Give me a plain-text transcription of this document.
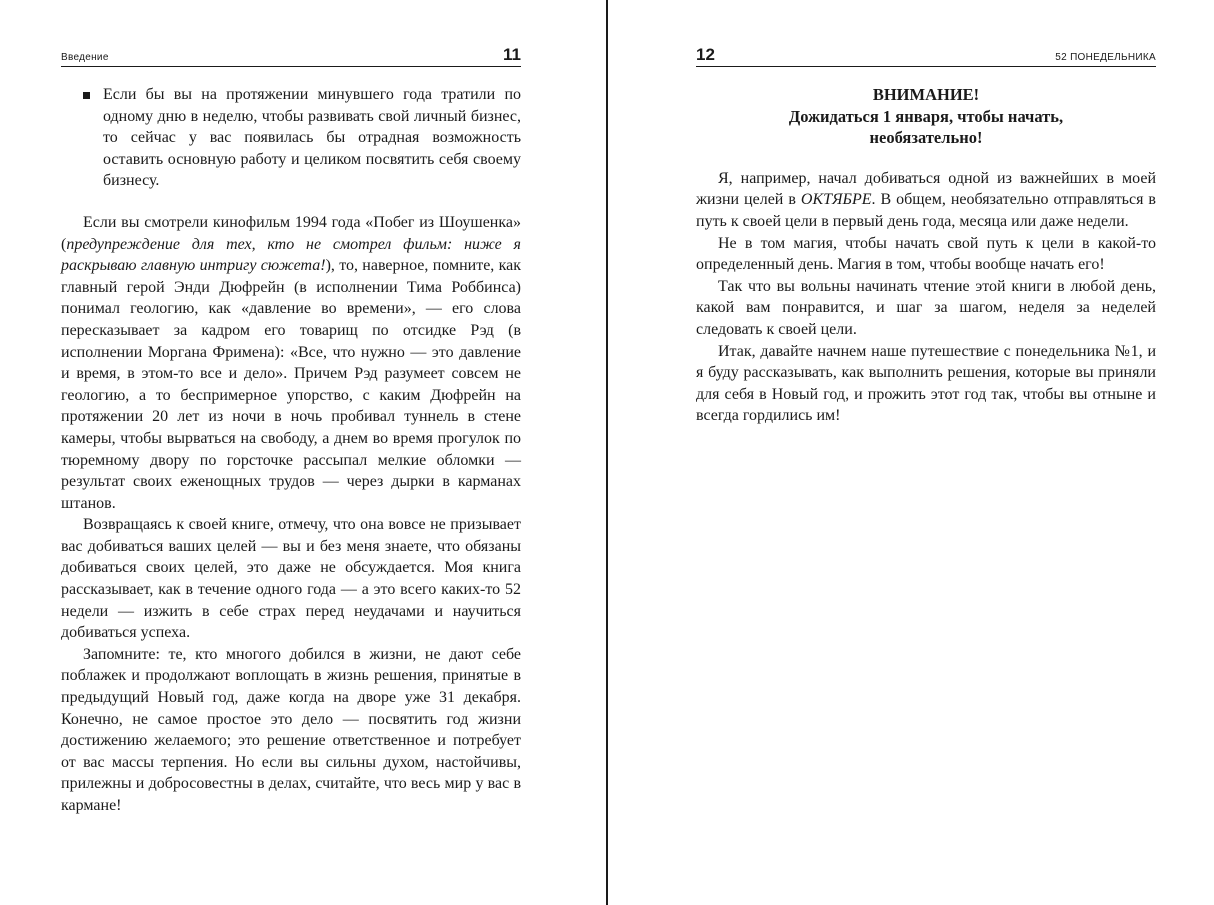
Введение	11
Если бы вы на протяжении минувшего года тратили по одному дню в неделю, чтобы развивать свой личный бизнес, то сейчас у вас появилась бы отрадная возможность оставить основную работу и целиком посвятить себя своему бизнесу.

Если вы смотрели кинофильм 1994 года «Побег из Шоушенка» (предупреждение для тех, кто не смотрел фильм: ниже я раскрываю главную интригу сюжета!), то, наверное, помните, как главный герой Энди Дюфрейн (в исполнении Тима Роббинса) понимал геологию, как «давление во времени», — его слова пересказывает за кадром его товарищ по отсидке Рэд (в исполнении Моргана Фримена): «Все, что нужно — это давление и время, в этом-то все и дело». Причем Рэд разумеет совсем не геологию, а то беспримерное упорство, с каким Дюфрейн на протяжении 20 лет из ночи в ночь пробивал туннель в стене камеры, чтобы вырваться на свободу, а днем во время прогулок по тюремному двору по горсточке рассыпал мелкие обломки — результат своих еженощных трудов — через дырки в карманах штанов.

Возвращаясь к своей книге, отмечу, что она вовсе не призывает вас добиваться ваших целей — вы и без меня знаете, что обязаны добиваться своих целей, это даже не обсуждается. Моя книга рассказывает, как в течение одного года — а это всего каких-то 52 недели — изжить в себе страх перед неудачами и научиться добиваться успеха.

Запомните: те, кто многого добился в жизни, не дают себе поблажек и продолжают воплощать в жизнь решения, принятые в предыдущий Новый год, даже когда на дворе уже 31 декабря. Конечно, не самое простое это дело — посвятить год жизни достижению желаемого; это решение ответственное и потребует от вас массы терпения. Но если вы сильны духом, настойчивы, прилежны и добросовестны в делах, считайте, что весь мир у вас в кармане!

12	52 ПОНЕДЕЛЬНИКА
ВНИМАНИЕ!
Дожидаться 1 января, чтобы начать,
необязательно!

Я, например, начал добиваться одной из важнейших в моей жизни целей в ОКТЯБРЕ. В общем, необязательно отправляться в путь к своей цели в первый день года, месяца или даже недели.

Не в том магия, чтобы начать свой путь к цели в какой-то определенный день. Магия в том, чтобы вообще начать его!

Так что вы вольны начинать чтение этой книги в любой день, какой вам понравится, и шаг за шагом, неделя за неделей следовать к своей цели.

Итак, давайте начнем наше путешествие с понедельника №1, и я буду рассказывать, как выполнить решения, которые вы приняли для себя в Новый год, и прожить этот год так, чтобы вы отныне и всегда гордились им!
